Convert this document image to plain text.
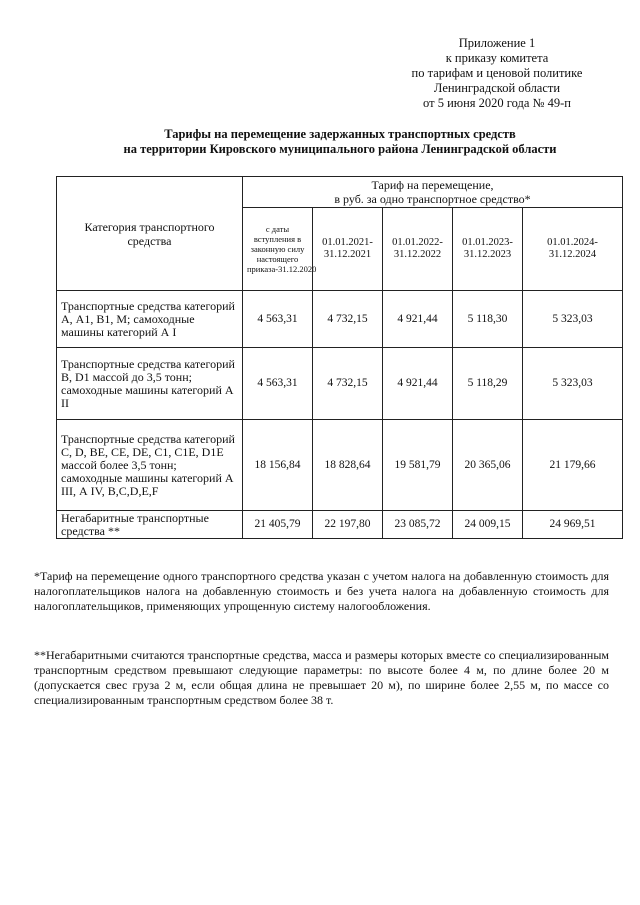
Приложение 1
к приказу комитета
по тарифам и ценовой политике
Ленинградской области
от 5 июня 2020 года № 49-п
Тарифы на перемещение задержанных транспортных средств
на территории Кировского муниципального района Ленинградской области
Категория транспортного средства	Тариф на перемещение,
в руб. за одно транспортное средство*				

	с даты вступления в законную силу настоящего приказа-31.12.2020	01.01.2021-31.12.2021	01.01.2022-31.12.2022	01.01.2023-31.12.2023	01.01.2024-31.12.2024
Транспортные средства категорий А, А1, В1, М; самоходные машины категорий А I	4 563,31	4 732,15	4 921,44	5 118,30	5 323,03
Транспортные средства категорий В, D1 массой до 3,5 тонн; самоходные машины категорий А II	4 563,31	4 732,15	4 921,44	5 118,29	5 323,03
Транспортные средства категорий C, D, BE, CE, DE, C1, C1E, D1E массой более 3,5 тонн; самоходные машины категорий А III, А IV, B,C,D,E,F	18 156,84	18 828,64	19 581,79	20 365,06	21 179,66
Негабаритные транспортные средства **	21 405,79	22 197,80	23 085,72	24 009,15	24 969,51

*Тариф на перемещение одного транспортного средства указан с учетом налога на добавленную стоимость для налогоплательщиков налога на добавленную стоимость и без учета налога на добавленную стоимость для налогоплательщиков, применяющих упрощенную систему налогообложения.

**Негабаритными считаются транспортные средства, масса и размеры которых вместе со специализированным транспортным средством превышают следующие параметры: по высоте более 4 м, по длине более 20 м (допускается свес груза 2 м, если общая длина не превышает 20 м), по ширине более 2,55 м, по массе со специализированным транспортным средством более 38 т.
